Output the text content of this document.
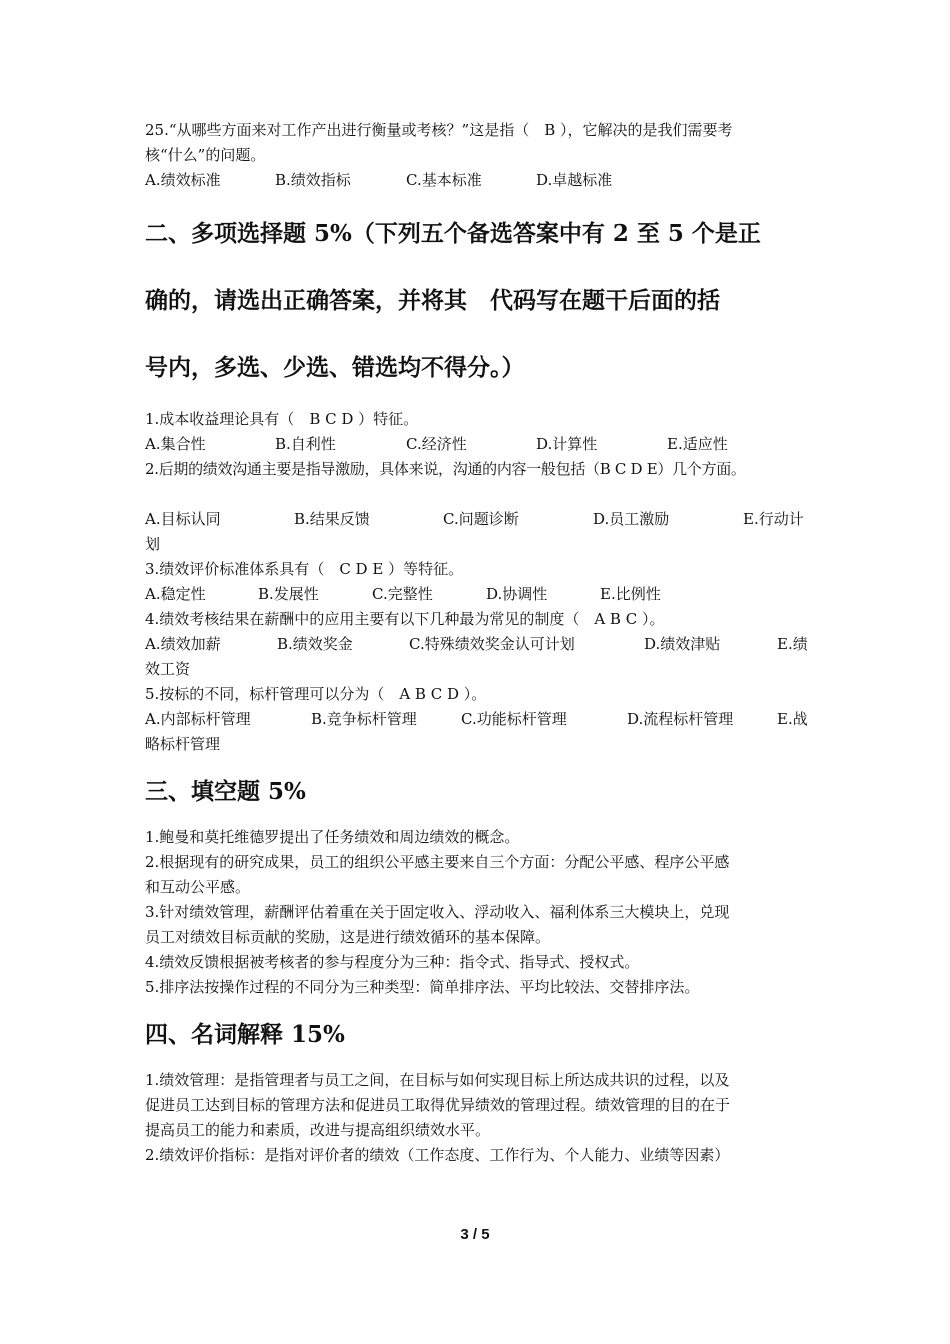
25.“从哪些方面来对工作产出进行衡量或考核？”这是指（　B ），它解决的是我们需要考

核“什么”的问题。

A.绩效标准	B.绩效指标	C.基本标准	D.卓越标准
二、多项选择题 5%（下列五个备选答案中有 2 至 5 个是正
确的，请选出正确答案，并将其　代码写在题干后面的括
号内，多选、少选、错选均不得分。）

1.成本收益理论具有（　B C D ）特征。

A.集合性	B.自利性	C.经济性	D.计算性	E.适应性

2.后期的绩效沟通主要是指导激励，具体来说，沟通的内容一般包括（B C D E）几个方面。

A.目标认同	B.结果反馈	C.问题诊断	D.员工激励	E.行动计

划

3.绩效评价标准体系具有（　C D E ）等特征。

A.稳定性	B.发展性	C.完整性	D.协调性	E.比例性

4.绩效考核结果在薪酬中的应用主要有以下几种最为常见的制度（　A B C ）。

A.绩效加薪	B.绩效奖金	C.特殊绩效奖金认可计划	D.绩效津贴	E.绩

效工资

5.按标的不同，标杆管理可以分为（　A B C D ）。

A.内部标杆管理	B.竞争标杆管理	C.功能标杆管理	D.流程标杆管理	E.战

略标杆管理

三、填空题 5%

1.鲍曼和莫托维德罗提出了任务绩效和周边绩效的概念。

2.根据现有的研究成果，员工的组织公平感主要来自三个方面：分配公平感、程序公平感

和互动公平感。

3.针对绩效管理，薪酬评估着重在关于固定收入、浮动收入、福利体系三大模块上，兑现

员工对绩效目标贡献的奖励，这是进行绩效循环的基本保障。

4.绩效反馈根据被考核者的参与程度分为三种：指令式、指导式、授权式。

5.排序法按操作过程的不同分为三种类型：简单排序法、平均比较法、交替排序法。

四、名词解释 15%

1.绩效管理：是指管理者与员工之间，在目标与如何实现目标上所达成共识的过程，以及

促进员工达到目标的管理方法和促进员工取得优异绩效的管理过程。绩效管理的目的在于

提高员工的能力和素质，改进与提高组织绩效水平。

2.绩效评价指标：是指对评价者的绩效（工作态度、工作行为、个人能力、业绩等因素）

3 / 5
